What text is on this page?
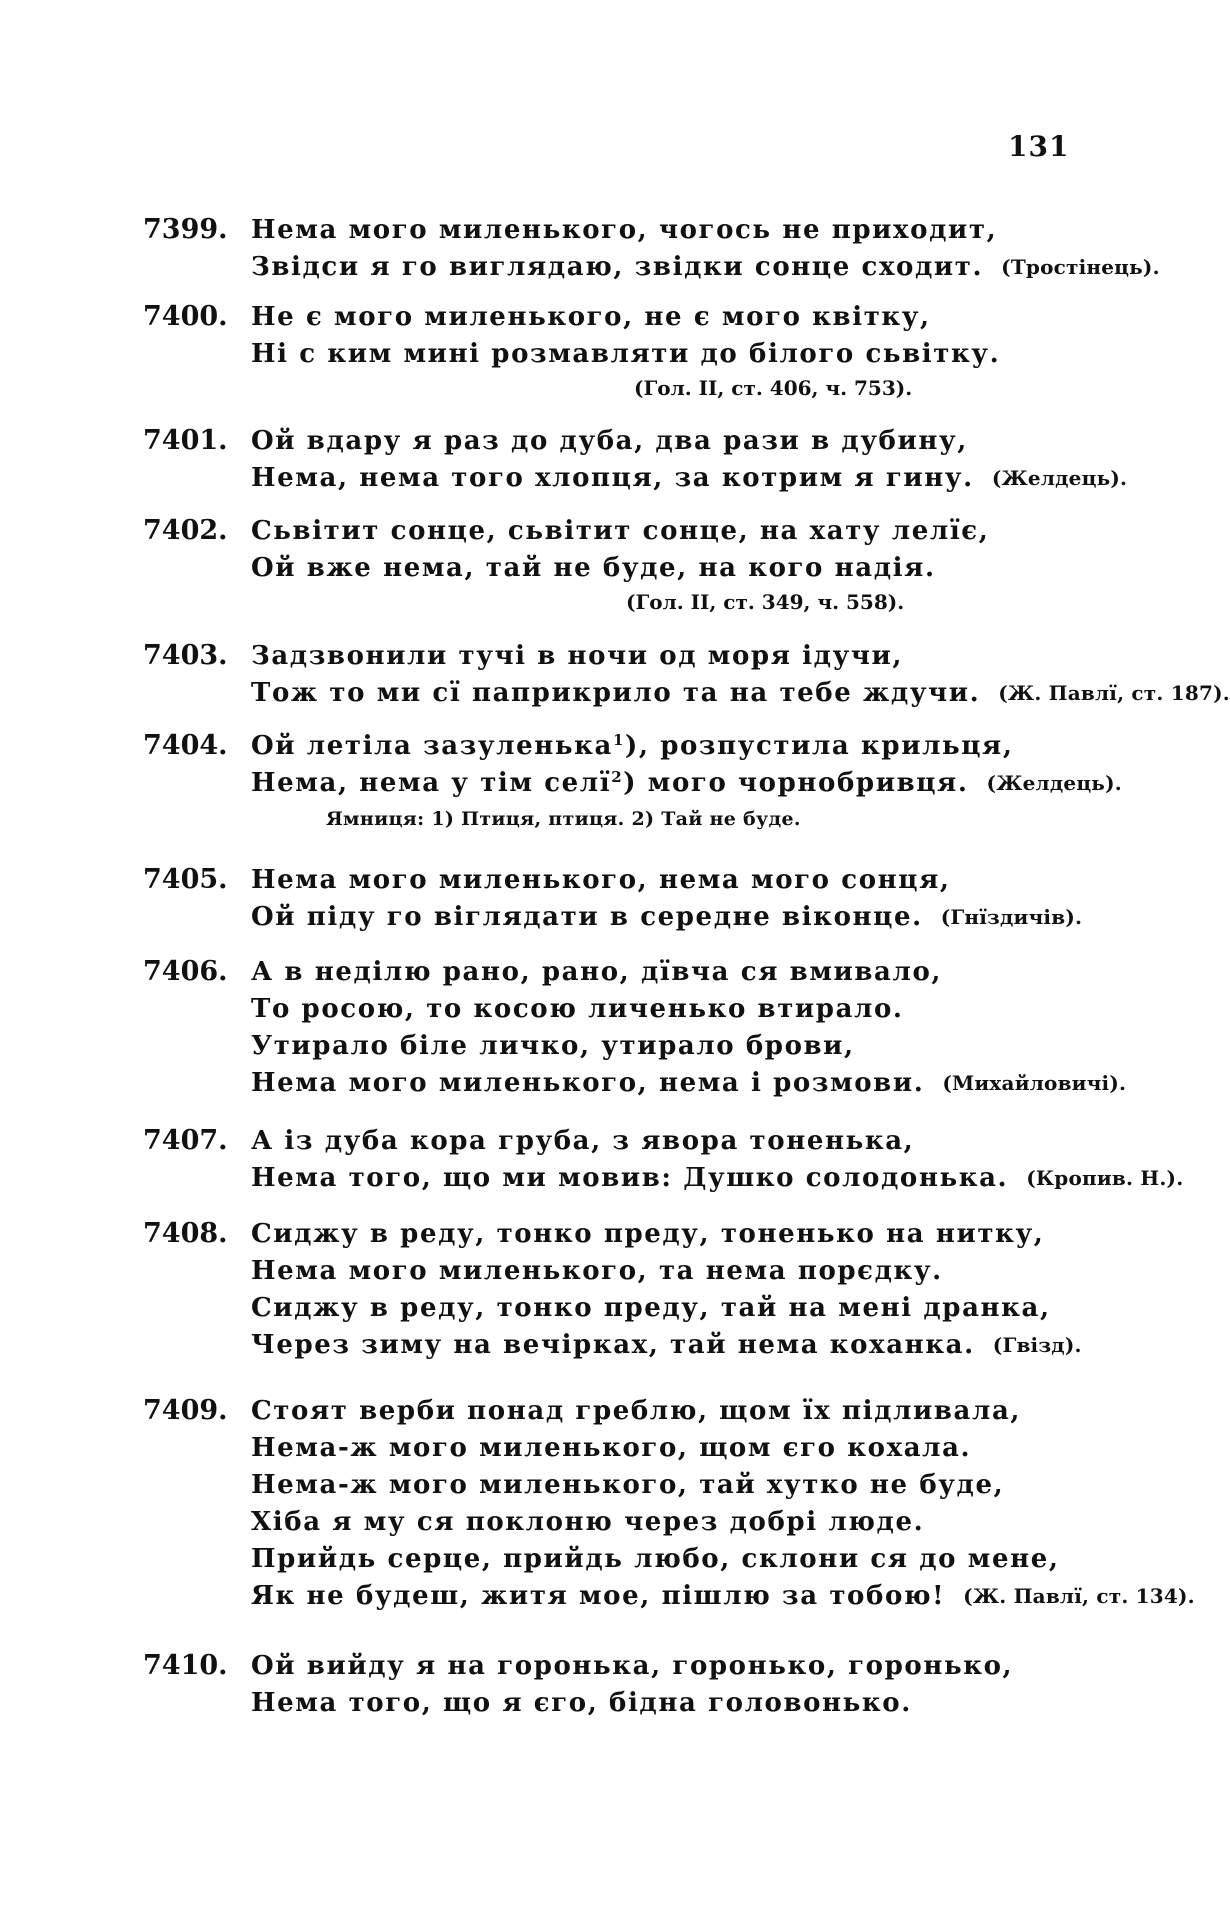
131
7399. Нема мого миленького, чогось не приходит,
Звідси я го виглядаю, звідки сонце сходит. (Тростінець).
7400. Не є мого миленького, не є мого квітку,
Ні с ким мині розмавляти до білого сьвітку.
(Гол. II, ст. 406, ч. 753).
7401. Ой вдару я раз до дуба, два рази в дубину,
Нема, нема того хлопця, за котрим я гину. (Желдець).
7402. Сьвітит сонце, сьвітит сонце, на хату лелїє,
Ой вже нема, тай не буде, на кого надія.
(Гол. II, ст. 349, ч. 558).
7403. Задзвонили тучі в ночи од моря ідучи,
Тож то ми сї паприкрило та на тебе ждучи. (Ж. Павлї, ст. 187).
7404. Ой летіла зазуленька$^1$), розпустила крильця,
Нема, нема у тім селї$^2$) мого чорнобривця. (Желдець).
Ямниця: 1) Птиця, птиця. 2) Тай не буде.
7405. Нема мого миленького, нема мого сонця,
Ой піду го віглядати в середне віконце. (Гнїздичів).
7406. А в неділю рано, рано, дївча ся вмивало,
То росою, то косою личенько втирало.
Утирало біле личко, утирало брови,
Нема мого миленького, нема і розмови. (Михайловичі).
7407. А із дуба кора груба, з явора тоненька,
Нема того, що ми мовив: Душко солодонька. (Кропив. Н.).
7408. Сиджу в реду, тонко преду, тоненько на нитку,
Нема мого миленького, та нема порєдку.
Сиджу в реду, тонко преду, тай на мені дранка,
Через зиму на вечірках, тай нема коханка. (Гвізд).
7409. Стоят верби понад греблю, щом їх підливала,
Нема-ж мого миленького, щом єго кохала.
Нема-ж мого миленького, тай хутко не буде,
Хіба я му ся поклоню через добрі люде.
Прийдь серце, прийдь любо, склони ся до мене,
Як не будеш, житя мое, пішлю за тобою! (Ж. Павлї, ст. 134).
7410. Ой вийду я на горонька, горонько, горонько,
Нема того, що я єго, бідна головонько.
